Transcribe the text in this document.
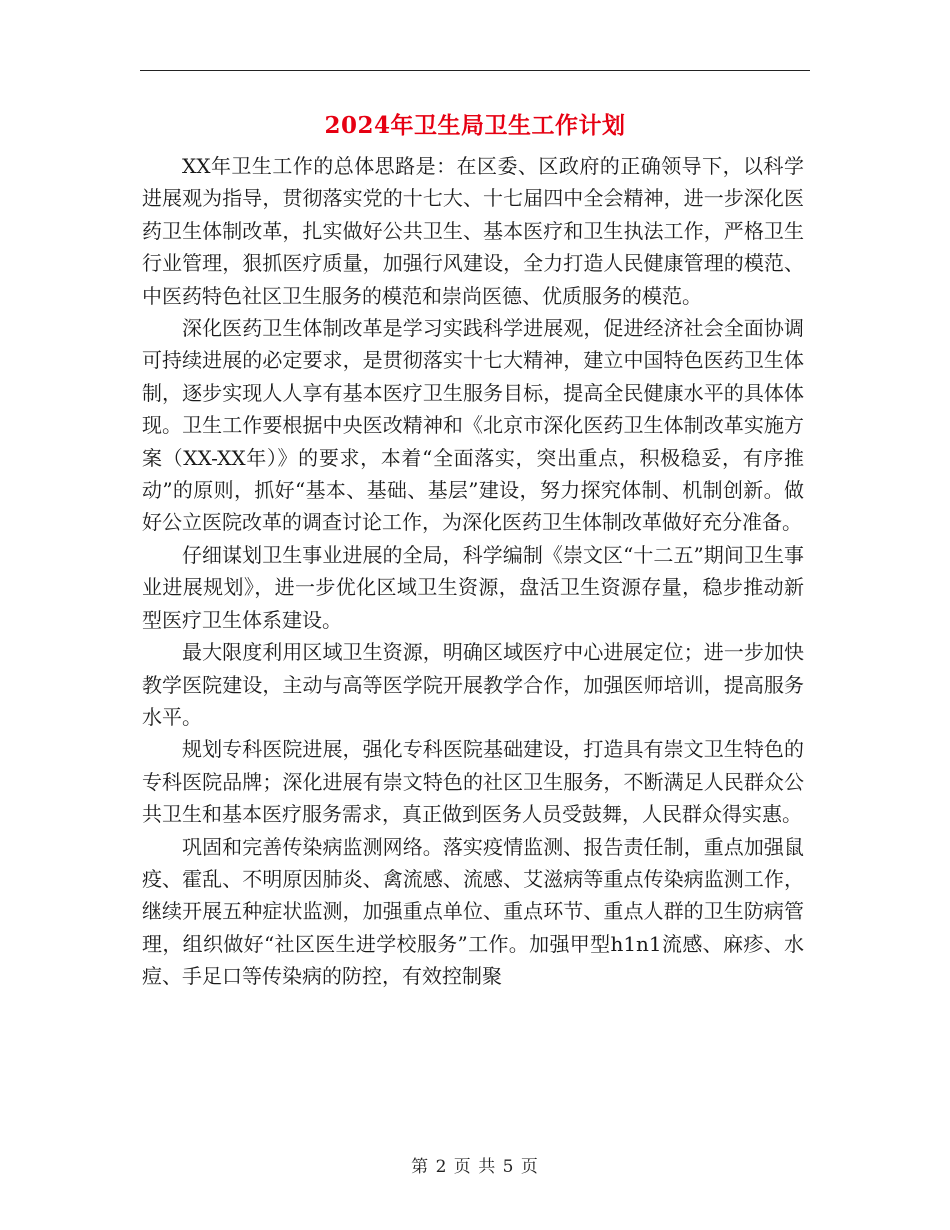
2024年卫生局卫生工作计划

XX年卫生工作的总体思路是：在区委、区政府的正确领导下，以科学进展观为指导，贯彻落实党的十七大、十七届四中全会精神，进一步深化医药卫生体制改革，扎实做好公共卫生、基本医疗和卫生执法工作，严格卫生行业管理，狠抓医疗质量，加强行风建设，全力打造人民健康管理的模范、中医药特色社区卫生服务的模范和崇尚医德、优质服务的模范。

深化医药卫生体制改革是学习实践科学进展观，促进经济社会全面协调可持续进展的必定要求，是贯彻落实十七大精神，建立中国特色医药卫生体制，逐步实现人人享有基本医疗卫生服务目标，提高全民健康水平的具体体现。卫生工作要根据中央医改精神和《北京市深化医药卫生体制改革实施方案（XX-XX年）》的要求，本着“全面落实，突出重点，积极稳妥，有序推动”的原则，抓好“基本、基础、基层”建设，努力探究体制、机制创新。做好公立医院改革的调查讨论工作，为深化医药卫生体制改革做好充分准备。

仔细谋划卫生事业进展的全局，科学编制《崇文区“十二五”期间卫生事业进展规划》，进一步优化区域卫生资源，盘活卫生资源存量，稳步推动新型医疗卫生体系建设。

最大限度利用区域卫生资源，明确区域医疗中心进展定位；进一步加快教学医院建设，主动与高等医学院开展教学合作，加强医师培训，提高服务水平。

规划专科医院进展，强化专科医院基础建设，打造具有崇文卫生特色的专科医院品牌；深化进展有崇文特色的社区卫生服务，不断满足人民群众公共卫生和基本医疗服务需求，真正做到医务人员受鼓舞，人民群众得实惠。

巩固和完善传染病监测网络。落实疫情监测、报告责任制，重点加强鼠疫、霍乱、不明原因肺炎、禽流感、流感、艾滋病等重点传染病监测工作，继续开展五种症状监测，加强重点单位、重点环节、重点人群的卫生防病管理，组织做好“社区医生进学校服务”工作。加强甲型h1n1流感、麻疹、水痘、手足口等传染病的防控，有效控制聚

第 2 页 共 5 页
